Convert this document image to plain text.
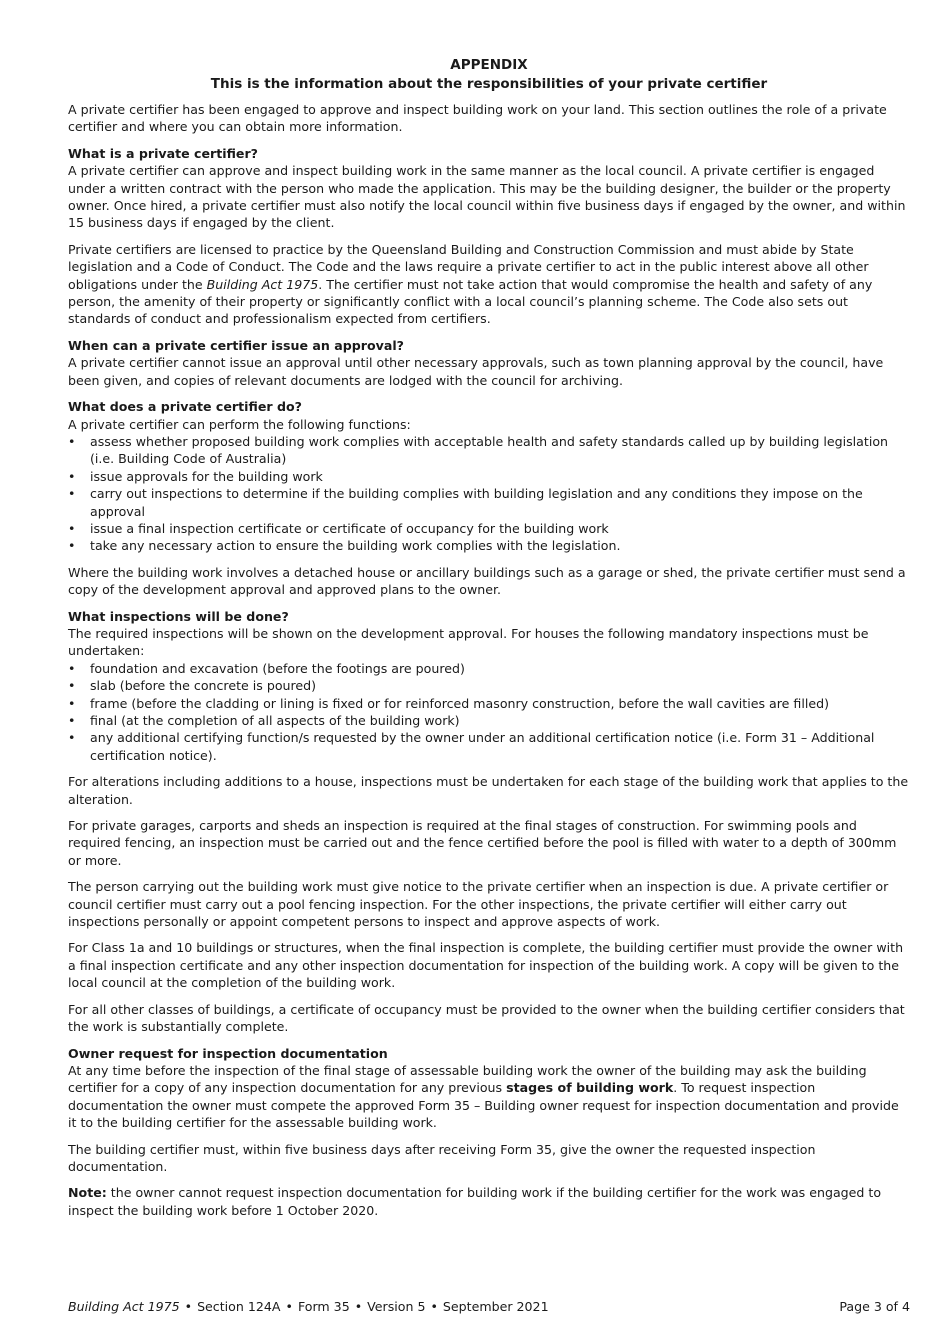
APPENDIX
This is the information about the responsibilities of your private certifier

A private certifier has been engaged to approve and inspect building work on your land. This section outlines the role of a private certifier and where you can obtain more information.

What is a private certifier?

A private certifier can approve and inspect building work in the same manner as the local council. A private certifier is engaged under a written contract with the person who made the application. This may be the building designer, the builder or the property owner. Once hired, a private certifier must also notify the local council within five business days if engaged by the owner, and within 15 business days if engaged by the client.

Private certifiers are licensed to practice by the Queensland Building and Construction Commission and must abide by State legislation and a Code of Conduct. The Code and the laws require a private certifier to act in the public interest above all other obligations under the Building Act 1975. The certifier must not take action that would compromise the health and safety of any person, the amenity of their property or significantly conflict with a local council’s planning scheme. The Code also sets out standards of conduct and professionalism expected from certifiers.

When can a private certifier issue an approval?

A private certifier cannot issue an approval until other necessary approvals, such as town planning approval by the council, have been given, and copies of relevant documents are lodged with the council for archiving.

What does a private certifier do?

A private certifier can perform the following functions:

• assess whether proposed building work complies with acceptable health and safety standards called up by building legislation (i.e. Building Code of Australia)
• issue approvals for the building work
• carry out inspections to determine if the building complies with building legislation and any conditions they impose on the approval
• issue a final inspection certificate or certificate of occupancy for the building work
• take any necessary action to ensure the building work complies with the legislation.

Where the building work involves a detached house or ancillary buildings such as a garage or shed, the private certifier must send a copy of the development approval and approved plans to the owner.

What inspections will be done?

The required inspections will be shown on the development approval. For houses the following mandatory inspections must be undertaken:

• foundation and excavation (before the footings are poured)
• slab (before the concrete is poured)
• frame (before the cladding or lining is fixed or for reinforced masonry construction, before the wall cavities are filled)
• final (at the completion of all aspects of the building work)
• any additional certifying function/s requested by the owner under an additional certification notice (i.e. Form 31 – Additional certification notice).

For alterations including additions to a house, inspections must be undertaken for each stage of the building work that applies to the alteration.

For private garages, carports and sheds an inspection is required at the final stages of construction. For swimming pools and required fencing, an inspection must be carried out and the fence certified before the pool is filled with water to a depth of 300mm or more.

The person carrying out the building work must give notice to the private certifier when an inspection is due. A private certifier or council certifier must carry out a pool fencing inspection. For the other inspections, the private certifier will either carry out inspections personally or appoint competent persons to inspect and approve aspects of work.

For Class 1a and 10 buildings or structures, when the final inspection is complete, the building certifier must provide the owner with a final inspection certificate and any other inspection documentation for inspection of the building work. A copy will be given to the local council at the completion of the building work.

For all other classes of buildings, a certificate of occupancy must be provided to the owner when the building certifier considers that the work is substantially complete.

Owner request for inspection documentation

At any time before the inspection of the final stage of assessable building work the owner of the building may ask the building certifier for a copy of any inspection documentation for any previous stages of building work. To request inspection documentation the owner must compete the approved Form 35 – Building owner request for inspection documentation and provide it to the building certifier for the assessable building work.

The building certifier must, within five business days after receiving Form 35, give the owner the requested inspection documentation.

Note: the owner cannot request inspection documentation for building work if the building certifier for the work was engaged to inspect the building work before 1 October 2020.

Building Act 1975 • Section 124A • Form 35 • Version 5 • September 2021	Page 3 of 4
